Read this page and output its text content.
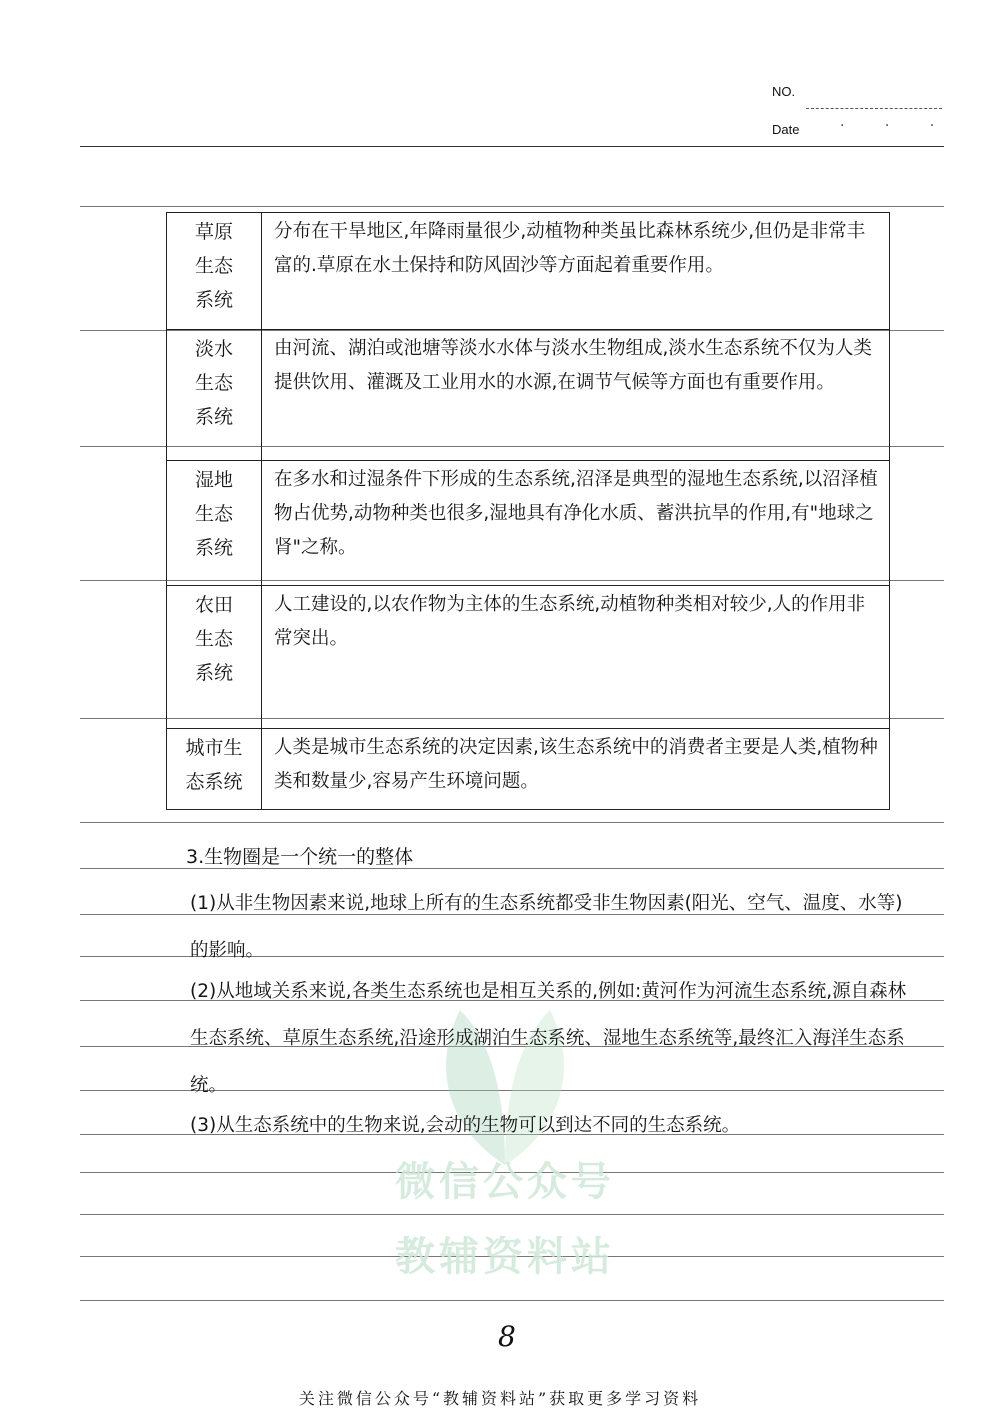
NO.
Date	· · ·
草原
生态
系统	分布在干旱地区,年降雨量很少,动植物种类虽比森林系统少,但仍是非常丰富的.草原在水土保持和防风固沙等方面起着重要作用。

淡水
生态
系统	由河流、湖泊或池塘等淡水水体与淡水生物组成,淡水生态系统不仅为人类提供饮用、灌溉及工业用水的水源,在调节气候等方面也有重要作用。

湿地
生态
系统	在多水和过湿条件下形成的生态系统,沼泽是典型的湿地生态系统,以沼泽植物占优势,动物种类也很多,湿地具有净化水质、蓄洪抗旱的作用,有"地球之肾"之称。

农田
生态
系统	人工建设的,以农作物为主体的生态系统,动植物种类相对较少,人的作用非常突出。

城市生
态系统	人类是城市生态系统的决定因素,该生态系统中的消费者主要是人类,植物种类和数量少,容易产生环境问题。
3.生物圈是一个统一的整体
(1)从非生物因素来说,地球上所有的生态系统都受非生物因素(阳光、空气、温度、水等)的影响。
(2)从地域关系来说,各类生态系统也是相互关系的,例如:黄河作为河流生态系统,源自森林生态系统、草原生态系统,沿途形成湖泊生态系统、湿地生态系统等,最终汇入海洋生态系统。
(3)从生态系统中的生物来说,会动的生物可以到达不同的生态系统。
微信公众号
教辅资料站
8
关注微信公众号“教辅资料站”获取更多学习资料
